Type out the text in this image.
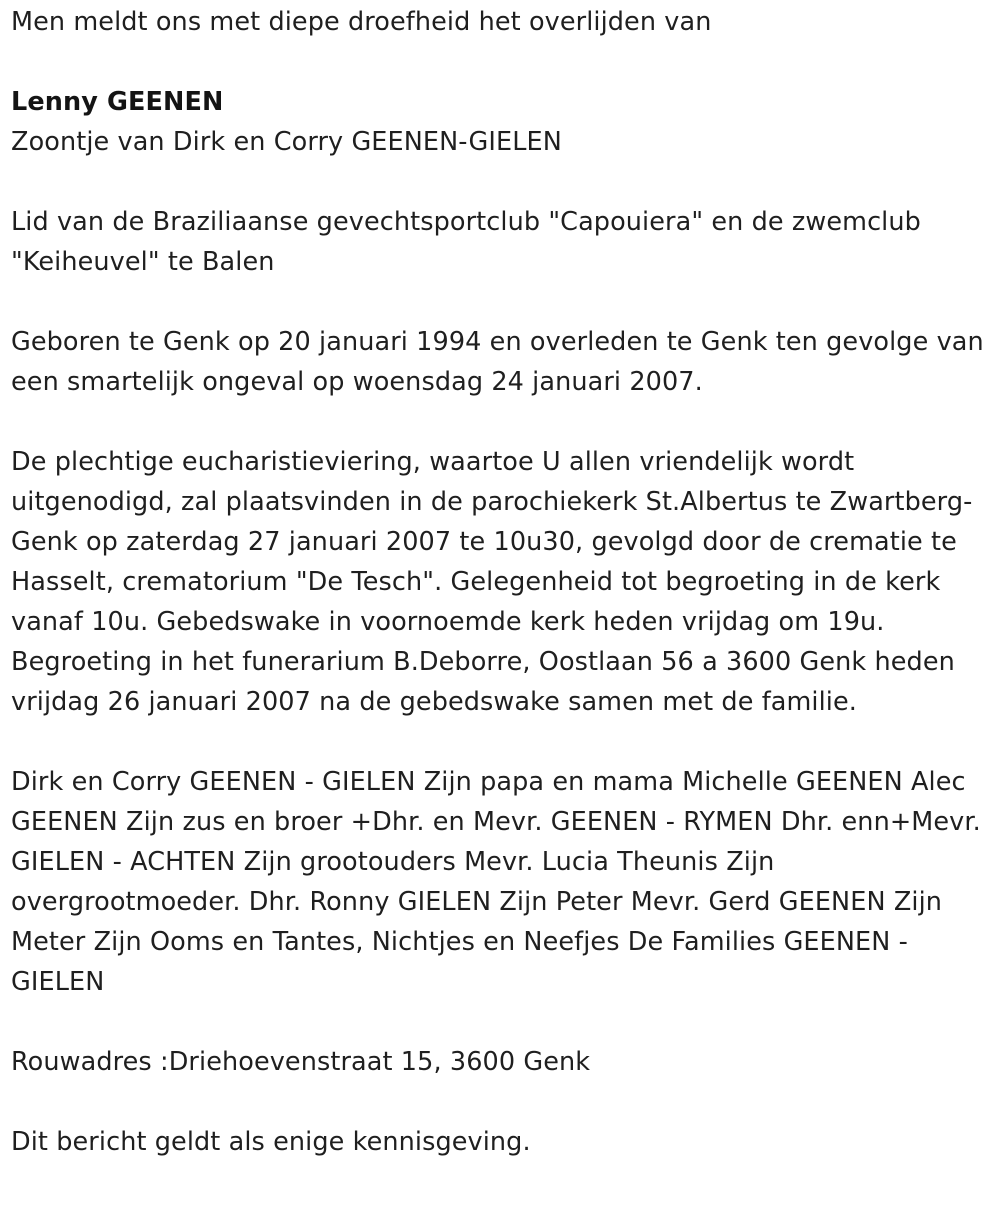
Men meldt ons met diepe droefheid het overlijden van

Lenny GEENEN

Zoontje van Dirk en Corry GEENEN-GIELEN

Lid van de Braziliaanse gevechtsportclub "Capouiera" en de zwemclub "Keiheuvel" te Balen

Geboren te Genk op 20 januari 1994 en overleden te Genk ten gevolge van een smartelijk ongeval op woensdag 24 januari 2007.

De plechtige eucharistieviering, waartoe U allen vriendelijk wordt uitgenodigd, zal plaatsvinden in de parochiekerk St.Albertus te Zwartberg-Genk op zaterdag 27 januari 2007 te 10u30, gevolgd door de crematie te Hasselt, crematorium "De Tesch". Gelegenheid tot begroeting in de kerk vanaf 10u. Gebedswake in voornoemde kerk heden vrijdag om 19u. Begroeting in het funerarium B.Deborre, Oostlaan 56 a 3600 Genk heden vrijdag 26 januari 2007 na de gebedswake samen met de familie.

Dirk en Corry GEENEN - GIELEN Zijn papa en mama Michelle GEENEN Alec GEENEN Zijn zus en broer +Dhr. en Mevr. GEENEN - RYMEN Dhr. enn+Mevr. GIELEN - ACHTEN Zijn grootouders Mevr. Lucia Theunis Zijn overgrootmoeder. Dhr. Ronny GIELEN Zijn Peter Mevr. Gerd GEENEN Zijn Meter Zijn Ooms en Tantes, Nichtjes en Neefjes De Families GEENEN - GIELEN

Rouwadres :Driehoevenstraat 15, 3600 Genk

Dit bericht geldt als enige kennisgeving.
